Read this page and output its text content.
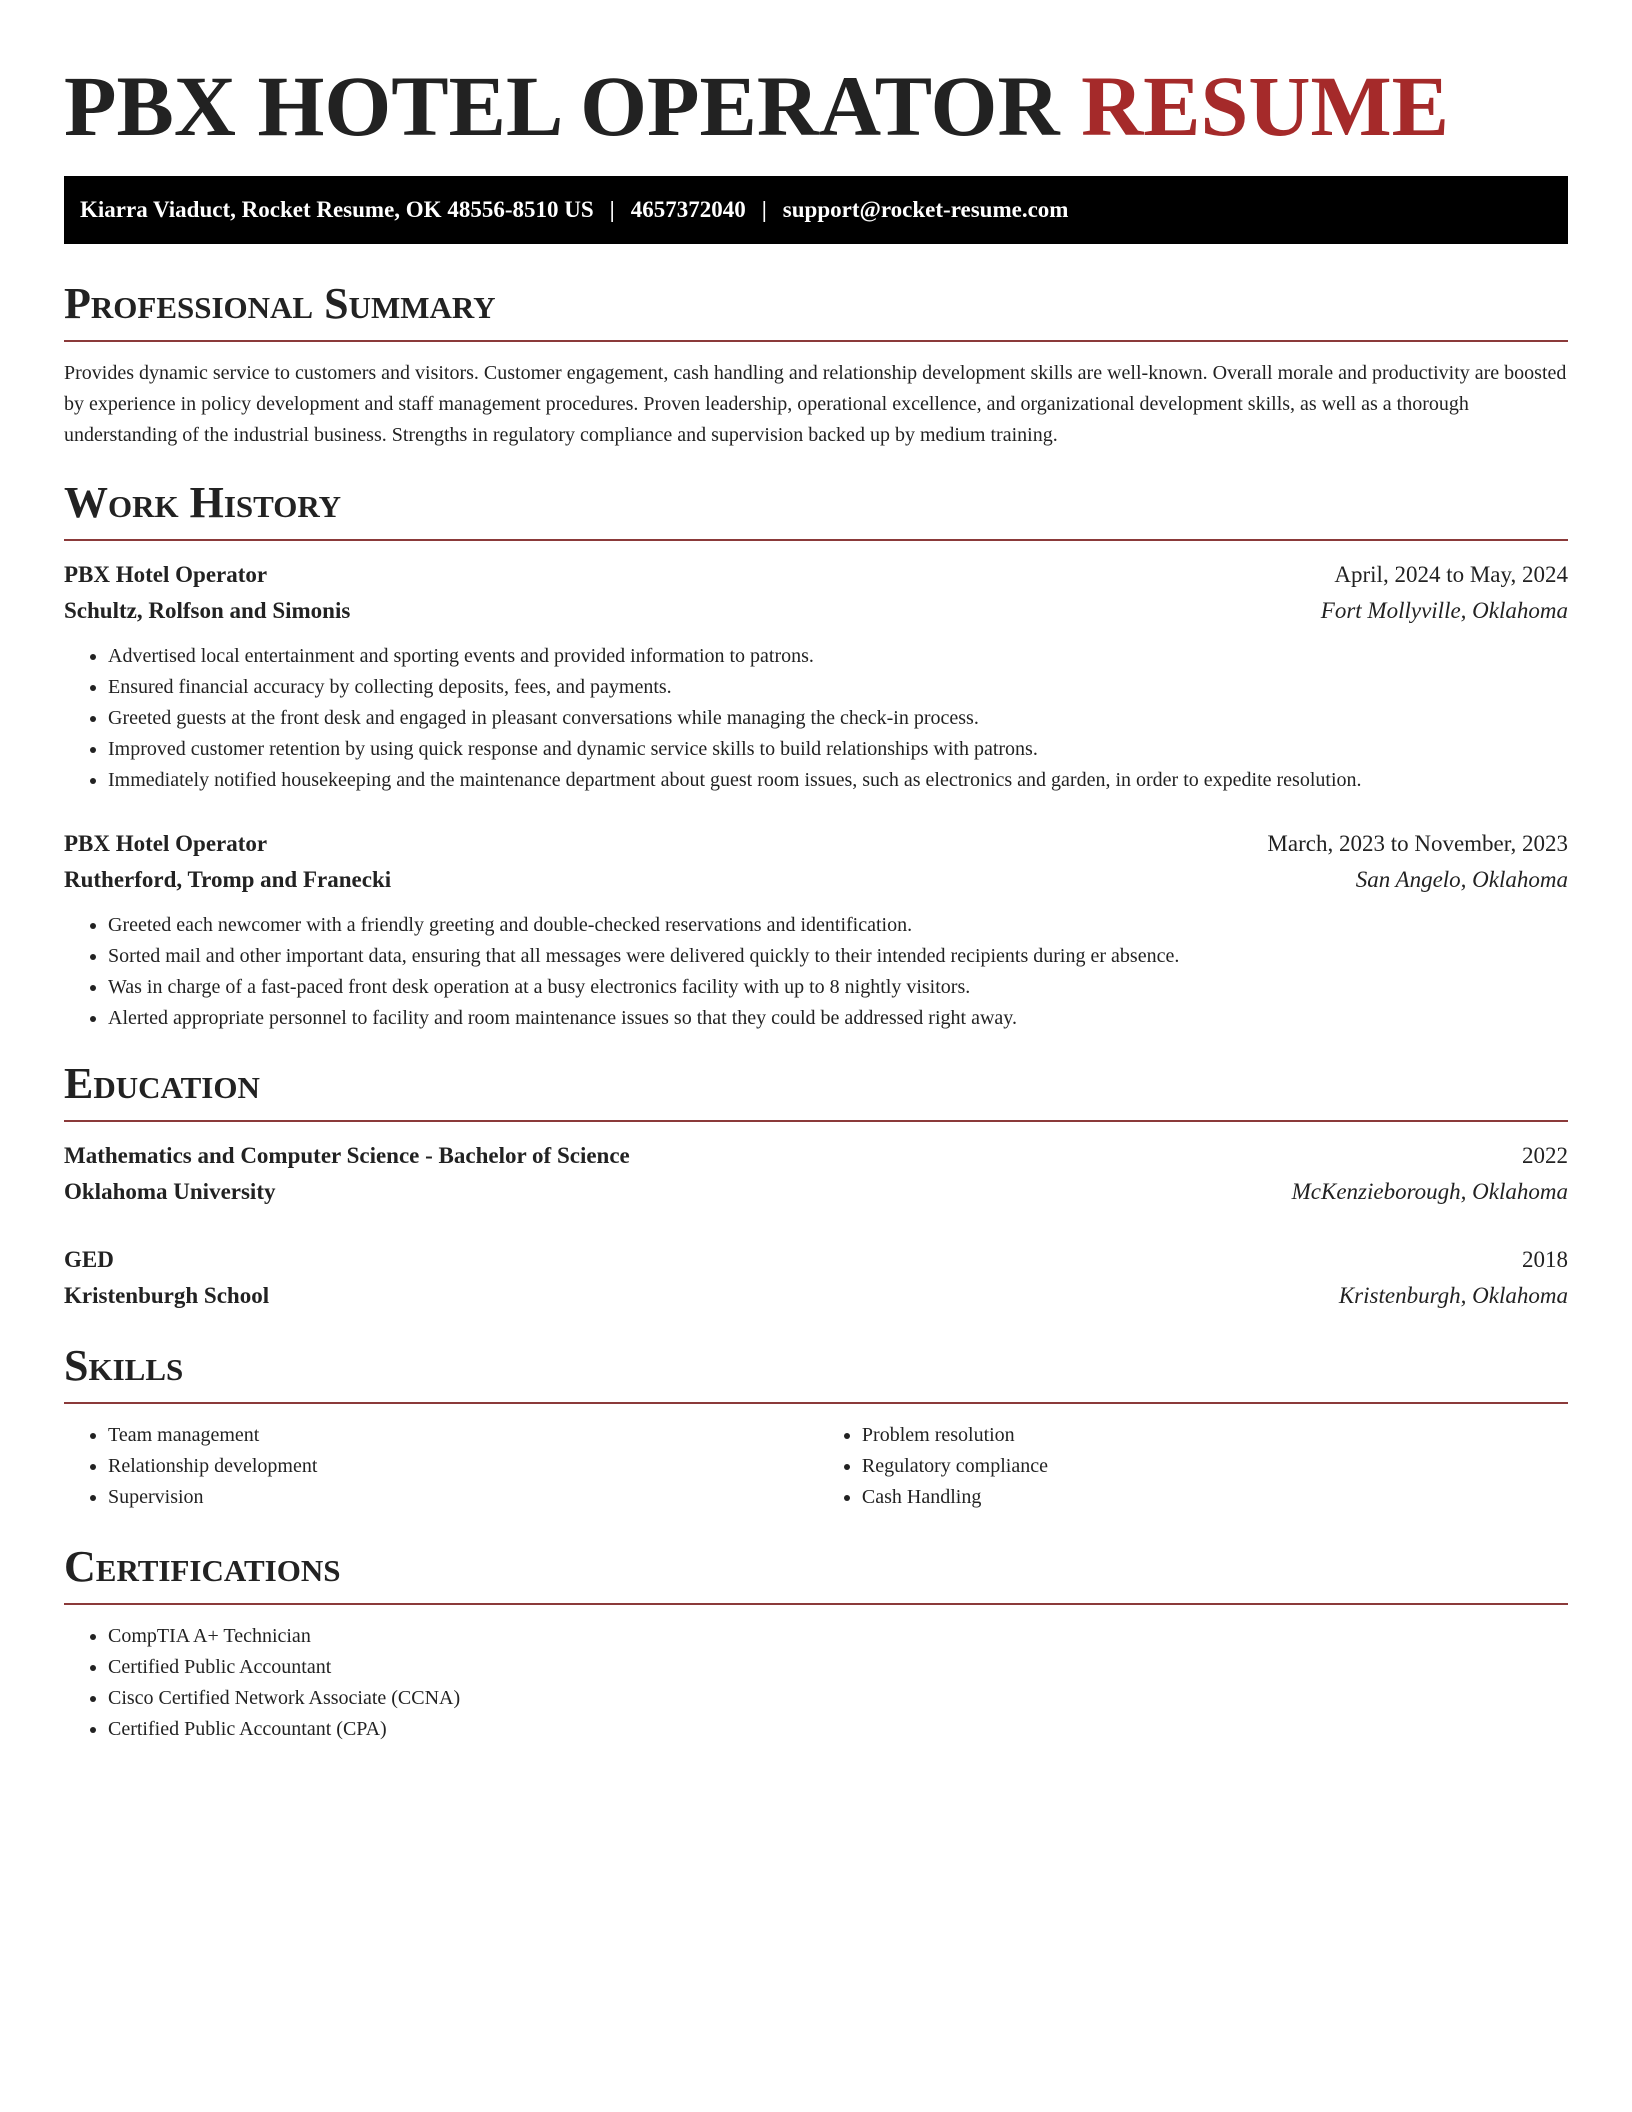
PBX HOTEL OPERATOR RESUME
Kiarra Viaduct, Rocket Resume, OK 48556-8510 US | 4657372040 | support@rocket-resume.com
Professional Summary

Provides dynamic service to customers and visitors. Customer engagement, cash handling and relationship development skills are well-known. Overall morale and productivity are boosted by experience in policy development and staff management procedures. Proven leadership, operational excellence, and organizational development skills, as well as a thorough understanding of the industrial business. Strengths in regulatory compliance and supervision backed up by medium training.

Work History
PBX Hotel Operator	April, 2024 to May, 2024
Schultz, Rolfson and Simonis	Fort Mollyville, Oklahoma
• Advertised local entertainment and sporting events and provided information to patrons.
• Ensured financial accuracy by collecting deposits, fees, and payments.
• Greeted guests at the front desk and engaged in pleasant conversations while managing the check-in process.
• Improved customer retention by using quick response and dynamic service skills to build relationships with patrons.
• Immediately notified housekeeping and the maintenance department about guest room issues, such as electronics and garden, in order to expedite resolution.
PBX Hotel Operator	March, 2023 to November, 2023
Rutherford, Tromp and Franecki	San Angelo, Oklahoma
• Greeted each newcomer with a friendly greeting and double-checked reservations and identification.
• Sorted mail and other important data, ensuring that all messages were delivered quickly to their intended recipients during er absence.
• Was in charge of a fast-paced front desk operation at a busy electronics facility with up to 8 nightly visitors.
• Alerted appropriate personnel to facility and room maintenance issues so that they could be addressed right away.
Education
Mathematics and Computer Science - Bachelor of Science	2022
Oklahoma University	McKenzieborough, Oklahoma
GED	2018
Kristenburgh School	Kristenburgh, Oklahoma
Skills
• Team management
• Relationship development
• Supervision
• Problem resolution
• Regulatory compliance
• Cash Handling
Certifications
• CompTIA A+ Technician
• Certified Public Accountant
• Cisco Certified Network Associate (CCNA)
• Certified Public Accountant (CPA)
